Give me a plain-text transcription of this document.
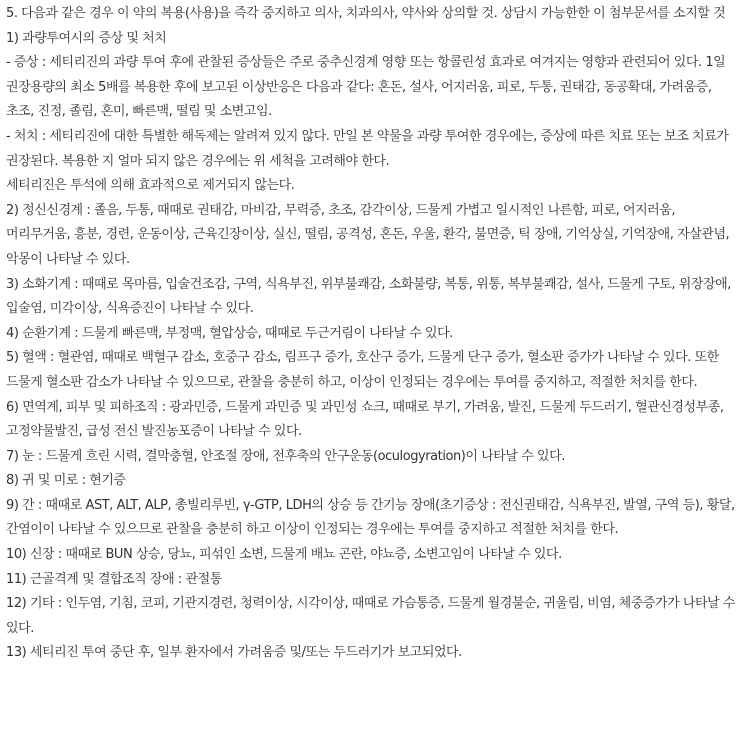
5. 다음과 같은 경우 이 약의 복용(사용)을 즉각 중지하고 의사, 치과의사, 약사와 상의할 것. 상담시 가능한한 이 첨부문서를 소지할 것

1) 과량투여시의 증상 및 처치

- 증상 : 세티리진의 과량 투여 후에 관찰된 증상들은 주로 중추신경계 영향 또는 항콜린성 효과로 여겨지는 영향과 관련되어 있다. 1일 권장용량의 최소 5배를 복용한 후에 보고된 이상반응은 다음과 같다: 혼돈, 설사, 어지러움, 피로, 두통, 권태감, 동공확대, 가려움증, 초조, 진정, 졸림, 혼미, 빠른맥, 떨림 및 소변고임.

- 처치 : 세티리진에 대한 특별한 해독제는 알려져 있지 않다. 만일 본 약물을 과량 투여한 경우에는, 증상에 따른 치료 또는 보조 치료가 권장된다. 복용한 지 얼마 되지 않은 경우에는 위 세척을 고려해야 한다.

세티리진은 투석에 의해 효과적으로 제거되지 않는다.

2) 정신신경계 : 졸음, 두통, 때때로 권태감, 마비감, 무력증, 초조, 감각이상, 드물게 가볍고 일시적인 나른함, 피로, 어지러움, 머리무거움, 흥분, 경련, 운동이상, 근육긴장이상, 실신, 떨림, 공격성, 혼돈, 우울, 환각, 불면증, 틱 장애, 기억상실, 기억장애, 자살관념, 악몽이 나타날 수 있다.

3) 소화기계 : 때때로 목마름, 입술건조감, 구역, 식욕부진, 위부불쾌감, 소화불량, 복통, 위통, 복부불쾌감, 설사, 드물게 구토, 위장장애, 입술염, 미각이상, 식욕증진이 나타날 수 있다.

4) 순환기계 : 드물게 빠른맥, 부정맥, 혈압상승, 때때로 두근거림이 나타날 수 있다.

5) 혈액 : 혈관염, 때때로 백혈구 감소, 호중구 감소, 림프구 증가, 호산구 증가, 드물게 단구 증가, 혈소판 증가가 나타날 수 있다. 또한 드물게 혈소판 감소가 나타날 수 있으므로, 관찰을 충분히 하고, 이상이 인정되는 경우에는 투여를 중지하고, 적절한 처치를 한다.

6) 면역계, 피부 및 피하조직 : 광과민증, 드물게 과민증 및 과민성 쇼크, 때때로 부기, 가려움, 발진, 드물게 두드러기, 혈관신경성부종, 고정약물발진, 급성 전신 발진농포증이 나타날 수 있다.

7) 눈 : 드물게 흐린 시력, 결막충혈, 안조절 장애, 전후축의 안구운동(oculogyration)이 나타날 수 있다.

8) 귀 및 미로 : 현기증

9) 간 : 때때로 AST, ALT, ALP, 총빌리루빈, γ-GTP, LDH의 상승 등 간기능 장애(초기증상 : 전신권태감, 식욕부진, 발열, 구역 등), 황달, 간염이이 나타날 수 있으므로 관찰을 충분히 하고 이상이 인정되는 경우에는 투여를 중지하고 적절한 처치를 한다.

10) 신장 : 때때로 BUN 상승, 당뇨, 피섞인 소변, 드물게 배뇨 곤란, 야뇨증, 소변고임이 나타날 수 있다.

11) 근골격계 및 결합조직 장애 : 관절통

12) 기타 : 인두염, 기침, 코피, 기관지경련, 청력이상, 시각이상, 때때로 가슴통증, 드물게 월경불순, 귀울림, 비염, 체중증가가 나타날 수 있다.

13) 세티리진 투여 중단 후, 일부 환자에서 가려움증 및/또는 두드러기가 보고되었다.
